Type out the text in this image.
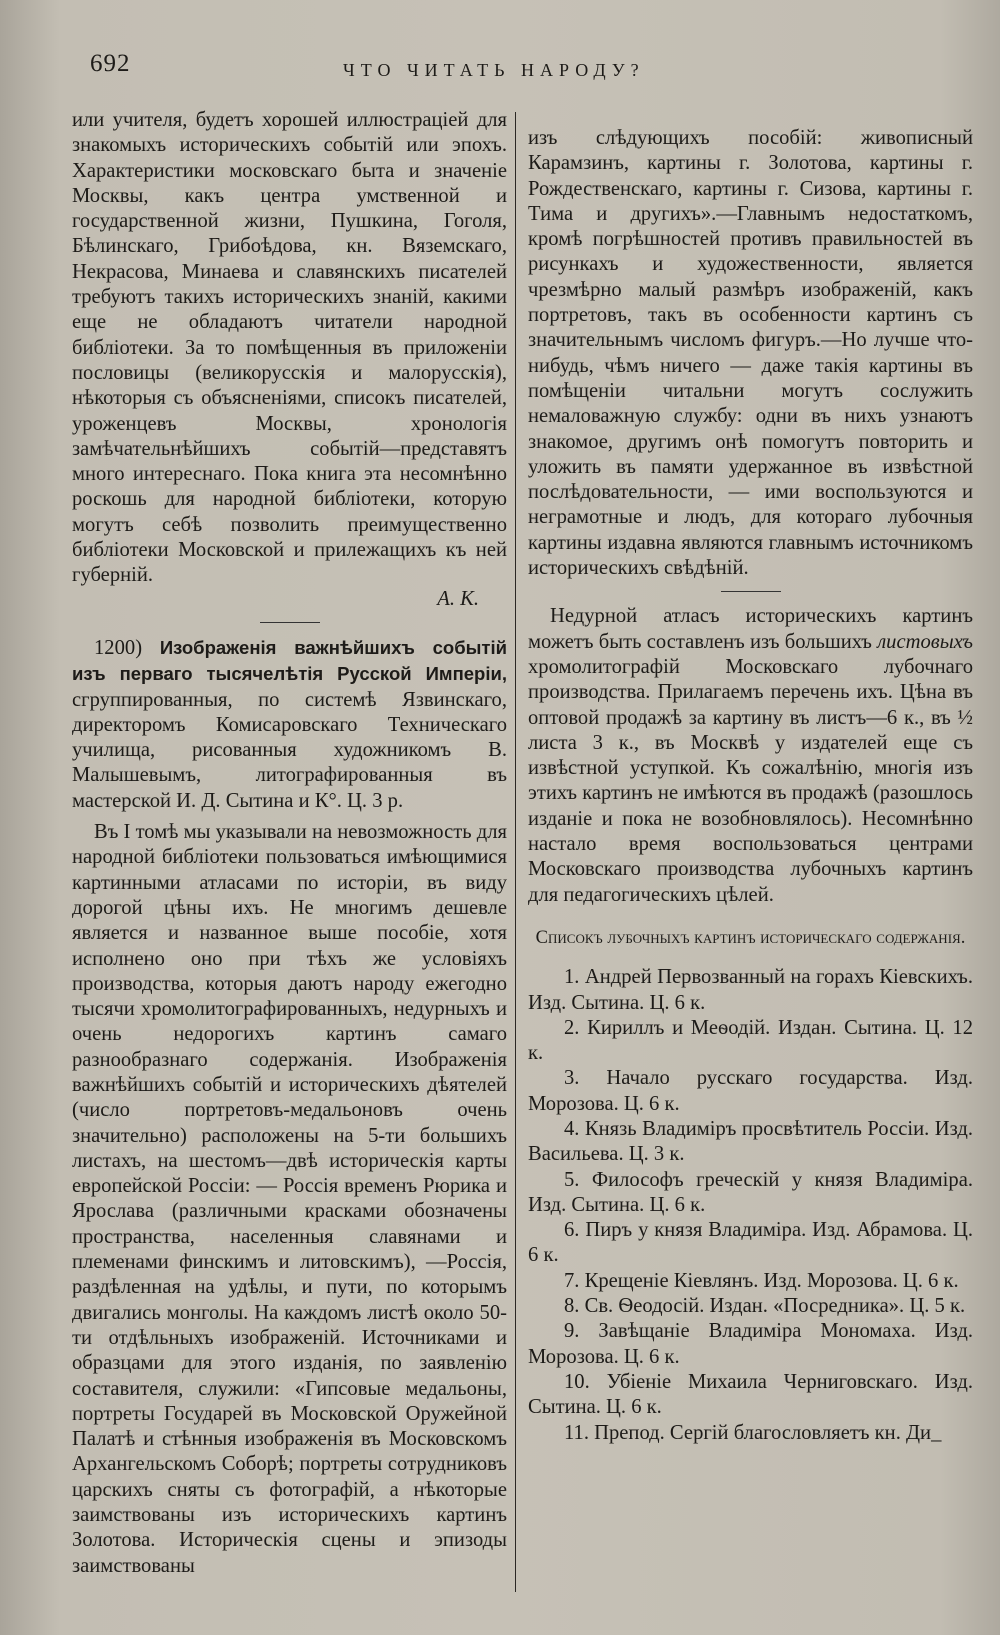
692	ЧТО ЧИТАТЬ НАРОДУ?

или учителя, будетъ хорошей иллюстраціей для знакомыхъ историческихъ событій или эпохъ. Характеристики московскаго быта и значеніе Москвы, какъ центра умственной и государственной жизни, Пушкина, Гоголя, Бѣлинскаго, Грибоѣдова, кн. Вяземскаго, Некрасова, Минаева и славянскихъ писателей требуютъ такихъ историческихъ знаній, какими еще не обладаютъ читатели народной библіотеки. За то помѣщенныя въ приложеніи пословицы (великорусскія и малорусскія), нѣкоторыя съ объясненіями, списокъ писателей, уроженцевъ Москвы, хронологія замѣчательнѣйшихъ событій—представятъ много интереснаго. Пока книга эта несомнѣнно роскошь для народной библіотеки, которую могутъ себѣ позволить преимущественно библіотеки Московской и прилежащихъ къ ней губерній.

А. К.

1200) Изображенія важнѣйшихъ событій изъ перваго тысячелѣтія Русской Имперіи, сгруппированныя, по системѣ Язвинскаго, директоромъ Комисаровскаго Техническаго училища, рисованныя художникомъ В. Малышевымъ, литографированныя въ мастерской И. Д. Сытина и К°. Ц. 3 р.

Въ I томѣ мы указывали на невозможность для народной библіотеки пользоваться имѣющимися картинными атласами по исторіи, въ виду дорогой цѣны ихъ. Не многимъ дешевле является и названное выше пособіе, хотя исполнено оно при тѣхъ же условіяхъ производства, которыя даютъ народу ежегодно тысячи хромолитографированныхъ, недурныхъ и очень недорогихъ картинъ самаго разнообразнаго содержанія. Изображенія важнѣйшихъ событій и историческихъ дѣятелей (число портретовъ-медальоновъ очень значительно) расположены на 5-ти большихъ листахъ, на шестомъ—двѣ историческія карты европейской Россіи: — Россія временъ Рюрика и Ярослава (различными красками обозначены пространства, населенныя славянами и племенами финскимъ и литовскимъ), —Россія, раздѣленная на удѣлы, и пути, по которымъ двигались монголы. На каждомъ листѣ около 50-ти отдѣльныхъ изображеній. Источниками и образцами для этого изданія, по заявленію составителя, служили: «Гипсовые медальоны, портреты Государей въ Московской Оружейной Палатѣ и стѣнныя изображенія въ Московскомъ Архангельскомъ Соборѣ; портреты сотрудниковъ царскихъ сняты съ фотографій, а нѣкоторые заимствованы изъ историческихъ картинъ Золотова. Историческія сцены и эпизоды заимствованы

изъ слѣдующихъ пособій: живописный Карамзинъ, картины г. Золотова, картины г. Рождественскаго, картины г. Сизова, картины г. Тима и другихъ».—Главнымъ недостаткомъ, кромѣ погрѣшностей противъ правильностей въ рисункахъ и художественности, является чрезмѣрно малый размѣръ изображеній, какъ портретовъ, такъ въ особенности картинъ съ значительнымъ числомъ фигуръ.—Но лучше что-нибудь, чѣмъ ничего — даже такія картины въ помѣщеніи читальни могутъ сослужить немаловажную службу: одни въ нихъ узнаютъ знакомое, другимъ онѣ помогутъ повторить и уложить въ памяти удержанное въ извѣстной послѣдовательности, — ими воспользуются и неграмотные и людъ, для котораго лубочныя картины издавна являются главнымъ источникомъ историческихъ свѣдѣній.

Недурной атласъ историческихъ картинъ можетъ быть составленъ изъ большихъ листовыхъ хромолитографій Московскаго лубочнаго производства. Прилагаемъ перечень ихъ. Цѣна въ оптовой продажѣ за картину въ листъ—6 к., въ ½ листа 3 к., въ Москвѣ у издателей еще съ извѣстной уступкой. Къ сожалѣнію, многія изъ этихъ картинъ не имѣются въ продажѣ (разошлось изданіе и пока не возобновлялось). Несомнѣнно настало время воспользоваться центрами Московскаго производства лубочныхъ картинъ для педагогическихъ цѣлей.

Списокъ лубочныхъ картинъ историческаго содержанія.

1. Андрей Первозванный на горахъ Кіевскихъ. Изд. Сытина. Ц. 6 к.

2. Кириллъ и Меѳодій. Издан. Сытина. Ц. 12 к.

3. Начало русскаго государства. Изд. Морозова. Ц. 6 к.

4. Князь Владиміръ просвѣтитель Россіи. Изд. Васильева. Ц. 3 к.

5. Философъ греческій у князя Владиміра. Изд. Сытина. Ц. 6 к.

6. Пиръ у князя Владиміра. Изд. Абрамова. Ц. 6 к.

7. Крещеніе Кіевлянъ. Изд. Морозова. Ц. 6 к.

8. Св. Ѳеодосій. Издан. «Посредника». Ц. 5 к.

9. Завѣщаніе Владиміра Мономаха. Изд. Морозова. Ц. 6 к.

10. Убіеніе Михаила Черниговскаго. Изд. Сытина. Ц. 6 к.

11. Препод. Сергій благословляетъ кн. Ди_
